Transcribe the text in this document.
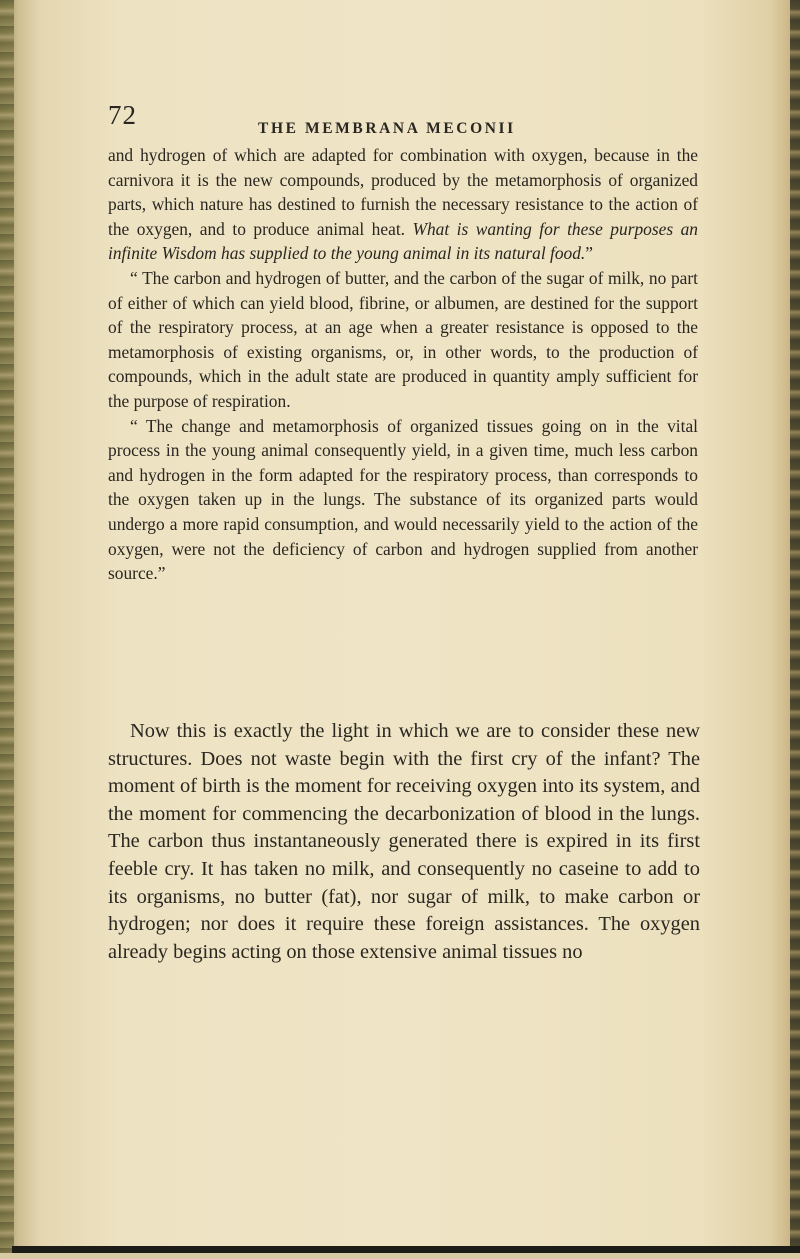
72	THE MEMBRANA MECONII

and hydrogen of which are adapted for combination with oxygen, because in the carnivora it is the new compounds, produced by the metamorphosis of organized parts, which nature has destined to furnish the necessary resistance to the action of the oxygen, and to produce animal heat. What is wanting for these purposes an infinite Wisdom has supplied to the young animal in its natural food.”

“ The carbon and hydrogen of butter, and the carbon of the sugar of milk, no part of either of which can yield blood, fibrine, or albumen, are destined for the support of the respiratory process, at an age when a greater resistance is opposed to the metamorphosis of existing organisms, or, in other words, to the production of compounds, which in the adult state are produced in quantity amply sufficient for the purpose of respiration.

“ The change and metamorphosis of organized tissues going on in the vital process in the young animal consequently yield, in a given time, much less carbon and hydrogen in the form adapted for the respiratory process, than corresponds to the oxygen taken up in the lungs. The substance of its organized parts would undergo a more rapid consumption, and would necessarily yield to the action of the oxygen, were not the deficiency of carbon and hydrogen supplied from another source.”

Now this is exactly the light in which we are to consider these new structures. Does not waste begin with the first cry of the infant? The moment of birth is the moment for receiving oxygen into its system, and the moment for commencing the decarbonization of blood in the lungs. The carbon thus instantaneously generated there is expired in its first feeble cry. It has taken no milk, and consequently no caseine to add to its organisms, no butter (fat), nor sugar of milk, to make carbon or hydrogen; nor does it require these foreign assistances. The oxygen already begins acting on those extensive animal tissues no
